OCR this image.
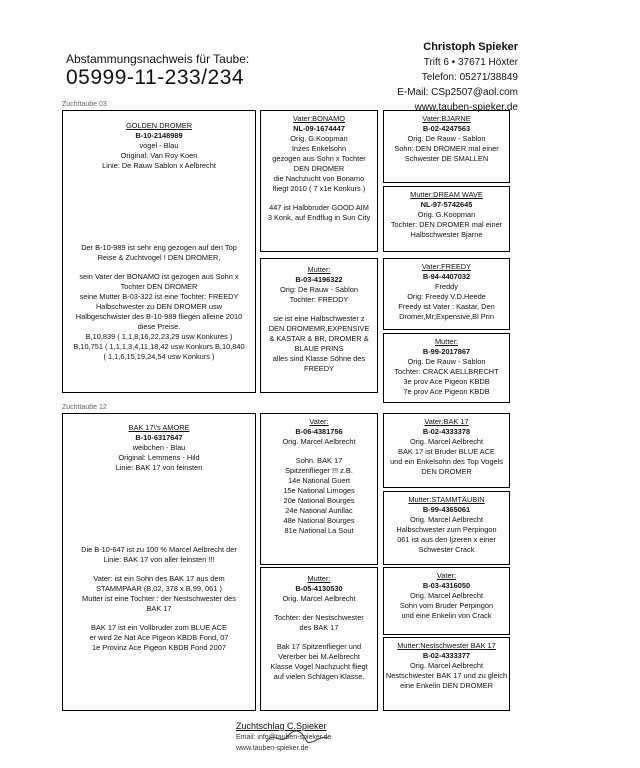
Abstammungsnachweis für Taube:
05999-11-233/234
Christoph Spieker
Trift 6 • 37671 Höxter
Telefon: 05271/38849
E-Mail: CSp2507@aol.com
www.tauben-spieker.de
Zuchttaube 03
GOLDEN DROMER
B-10-2148989
vogel - Blau
Original: Van Roy Koen
Linie: De Rauw Sablon x Aelbrecht
Der B-10-989 ist sehr eng gezogen auf den Top
Reise & Zuchtvogel ! DEN DROMER,
sein Vater der BONAMO ist gezogen aus Sohn x
Tochter DEN DROMER
seine Mutter B-03-322 ist eine Tochter: FREEDY
Halbschwester zu DEN DROMER usw
Halbgeschwister des B-10-989 fliegen alleine 2010
diese Preise.
B,10,839 ( 1,1,8,16,22,23,29 usw Konkures )
B,10,751 ( 1,1,1,3,4,11,18,42 usw Konkurs B,10,840
( 1,1,6,15,19,24,54 usw Konkurs )
Vater:BONAMO
NL-09-1674447
Orig. G.Koopman
Inzes Enkelsohn
gezogen aus Sohn x Tochter
DEN DROMER
die Nachzucht von Bonamo
fliegt 2010 ( 7 x1e Konkurs )
447 ist Halbbruder GOOD AIM
3 Konk, auf Endflug in Sun City
Mutter:
B-03-4196322
Orig: De Rauw - Sablon
Tochter: FREDDY
sie ist eine Halbschwester z
DEN DROMEMR,EXPENSIVE
& KASTAR & BR, DROMER &
BLAUE PRINS
alles sind Klasse Söhne des
FREEDY
Vater:BJARNE
B-02-4247563
Orig. De Rauw - Sablon
Sohn: DEN DROMER mal einer
Schwester DE SMALLEN
Mutter:DREAM WAVE
NL-97-5742645
Orig. G.Koopman
Tochter: DEN DROMER mal einer
Halbschwester Bjarne
Vater:FREEDY
B-94-4407032
Freddy
Orig: Freedy V.D.Heede
Freedy ist Vater : Kastar, Den
Dromer,Mr;Expensive,Bl Prin
Mutter:
B-99-2017867
Orig. De Rauw - Sablon
Tochter: CRACK AELLBRECHT
3e prov Ace Pigeon KBDB
7e prov Ace Pigeon KBDB
Zuchttaube 12
BAK 17\'s AMORE
B-10-6317647
weibchen - Blau
Original: Lemmens - Hild
Linie: BAK 17 von feinsten
Die B-10-647 ist zu 100 % Marcel Aelbrecht der
Linie: BAK 17 von aller feinsten !!!
Vater: ist ein Sohn des BAK 17 aus dem
STAMMPAAR (B,02, 378 x B,99, 061 )
Mutter ist eine Tochter : der Nestschwester des
BAK 17
BAK 17 ist ein Vollbruder zum BLUE ACE
er wird 2e Nat Ace Pigeon KBDB Fond, 07
1e Provinz Ace Pigeon KBDB Fond 2007
Vater:
B-06-4381756
Orig. Marcel Aelbrecht
Sohn. BAK 17
Spitzenflieger !!! z.B.
14e National Guert
15e National Limoges
20e National Bourges
24e National Aurillac
48e National Bourges
81e National La Sout
Mutter:
B-05-4130530
Orig. Marcel Aelbrecht
Tochter: der Nestschwester
des BAK 17
Bak 17 Spitzenflieger und
Vererber bei M.Aelbrecht
Klasse Vogel Nachzucht fliegt
auf vielen Schlägen Klasse.
Vater:BAK 17
B-02-4333378
Orig. Marcel Aelbrecht
BAK 17 ist Bruder BLUE ACE
und ein Enkelsohn des Top Vogels
DEN DROMER
Mutter:STAMMTÄUBIN
B-99-4365061
Orig. Marcel Aelbrecht
Halbschwester zum Perpingon
061 ist aus den Ijzeren x einer
Schwester Crack
Vater:
B-03-4316050
Orig. Marcel Aelbrecht
Sohn vom Bruder Perpingon
und eine Enkelin von Crack
Mutter:Nestschwester BAK 17
B-02-4333377
Orig. Marcel Aelbrecht
Nestschwester BAK 17 und zu gleich
eine Enkelin DEN DROMER
Zuchtschlag C.Spieker
Email: info@tauben-spieker.de
www.tauben-spieker.de
